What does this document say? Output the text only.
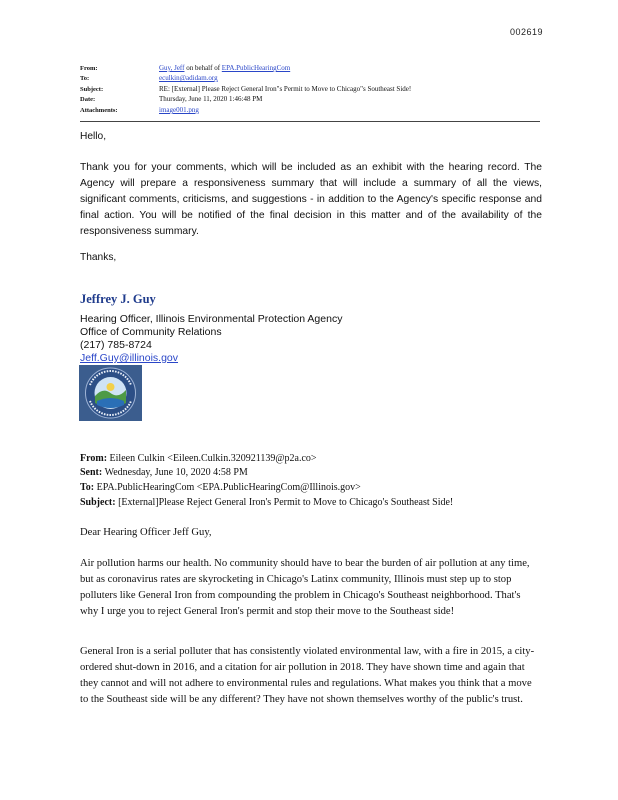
002619
From:	Guy, Jeff on behalf of EPA.PublicHearingCom
To:	eculkin@adidam.org
Subject:	RE: [External] Please Reject General Iron"s Permit to Move to Chicago"s Southeast Side!
Date:	Thursday, June 11, 2020 1:46:48 PM
Attachments:	image001.png
Hello,
Thank you for your comments, which will be included as an exhibit with the hearing record. The Agency will prepare a responsiveness summary that will include a summary of all the views, significant comments, criticisms, and suggestions - in addition to the Agency's specific response and final action. You will be notified of the final decision in this matter and of the availability of the responsiveness summary.
Thanks,
Jeffrey J. Guy
Hearing Officer, Illinois Environmental Protection Agency
Office of Community Relations
(217) 785-8724
Jeff.Guy@illinois.gov
From: Eileen Culkin <Eileen.Culkin.320921139@p2a.co>
Sent: Wednesday, June 10, 2020 4:58 PM
To: EPA.PublicHearingCom <EPA.PublicHearingCom@Illinois.gov>
Subject: [External]Please Reject General Iron's Permit to Move to Chicago's Southeast Side!
Dear Hearing Officer Jeff Guy,
Air pollution harms our health. No community should have to bear the burden of air pollution at any time, but as coronavirus rates are skyrocketing in Chicago's Latinx community, Illinois must step up to stop polluters like General Iron from compounding the problem in Chicago's Southeast neighborhood. That's why I urge you to reject General Iron's permit and stop their move to the Southeast side!
General Iron is a serial polluter that has consistently violated environmental law, with a fire in 2015, a city-ordered shut-down in 2016, and a citation for air pollution in 2018. They have shown time and again that they cannot and will not adhere to environmental rules and regulations. What makes you think that a move to the Southeast side will be any different? They have not shown themselves worthy of the public's trust.
